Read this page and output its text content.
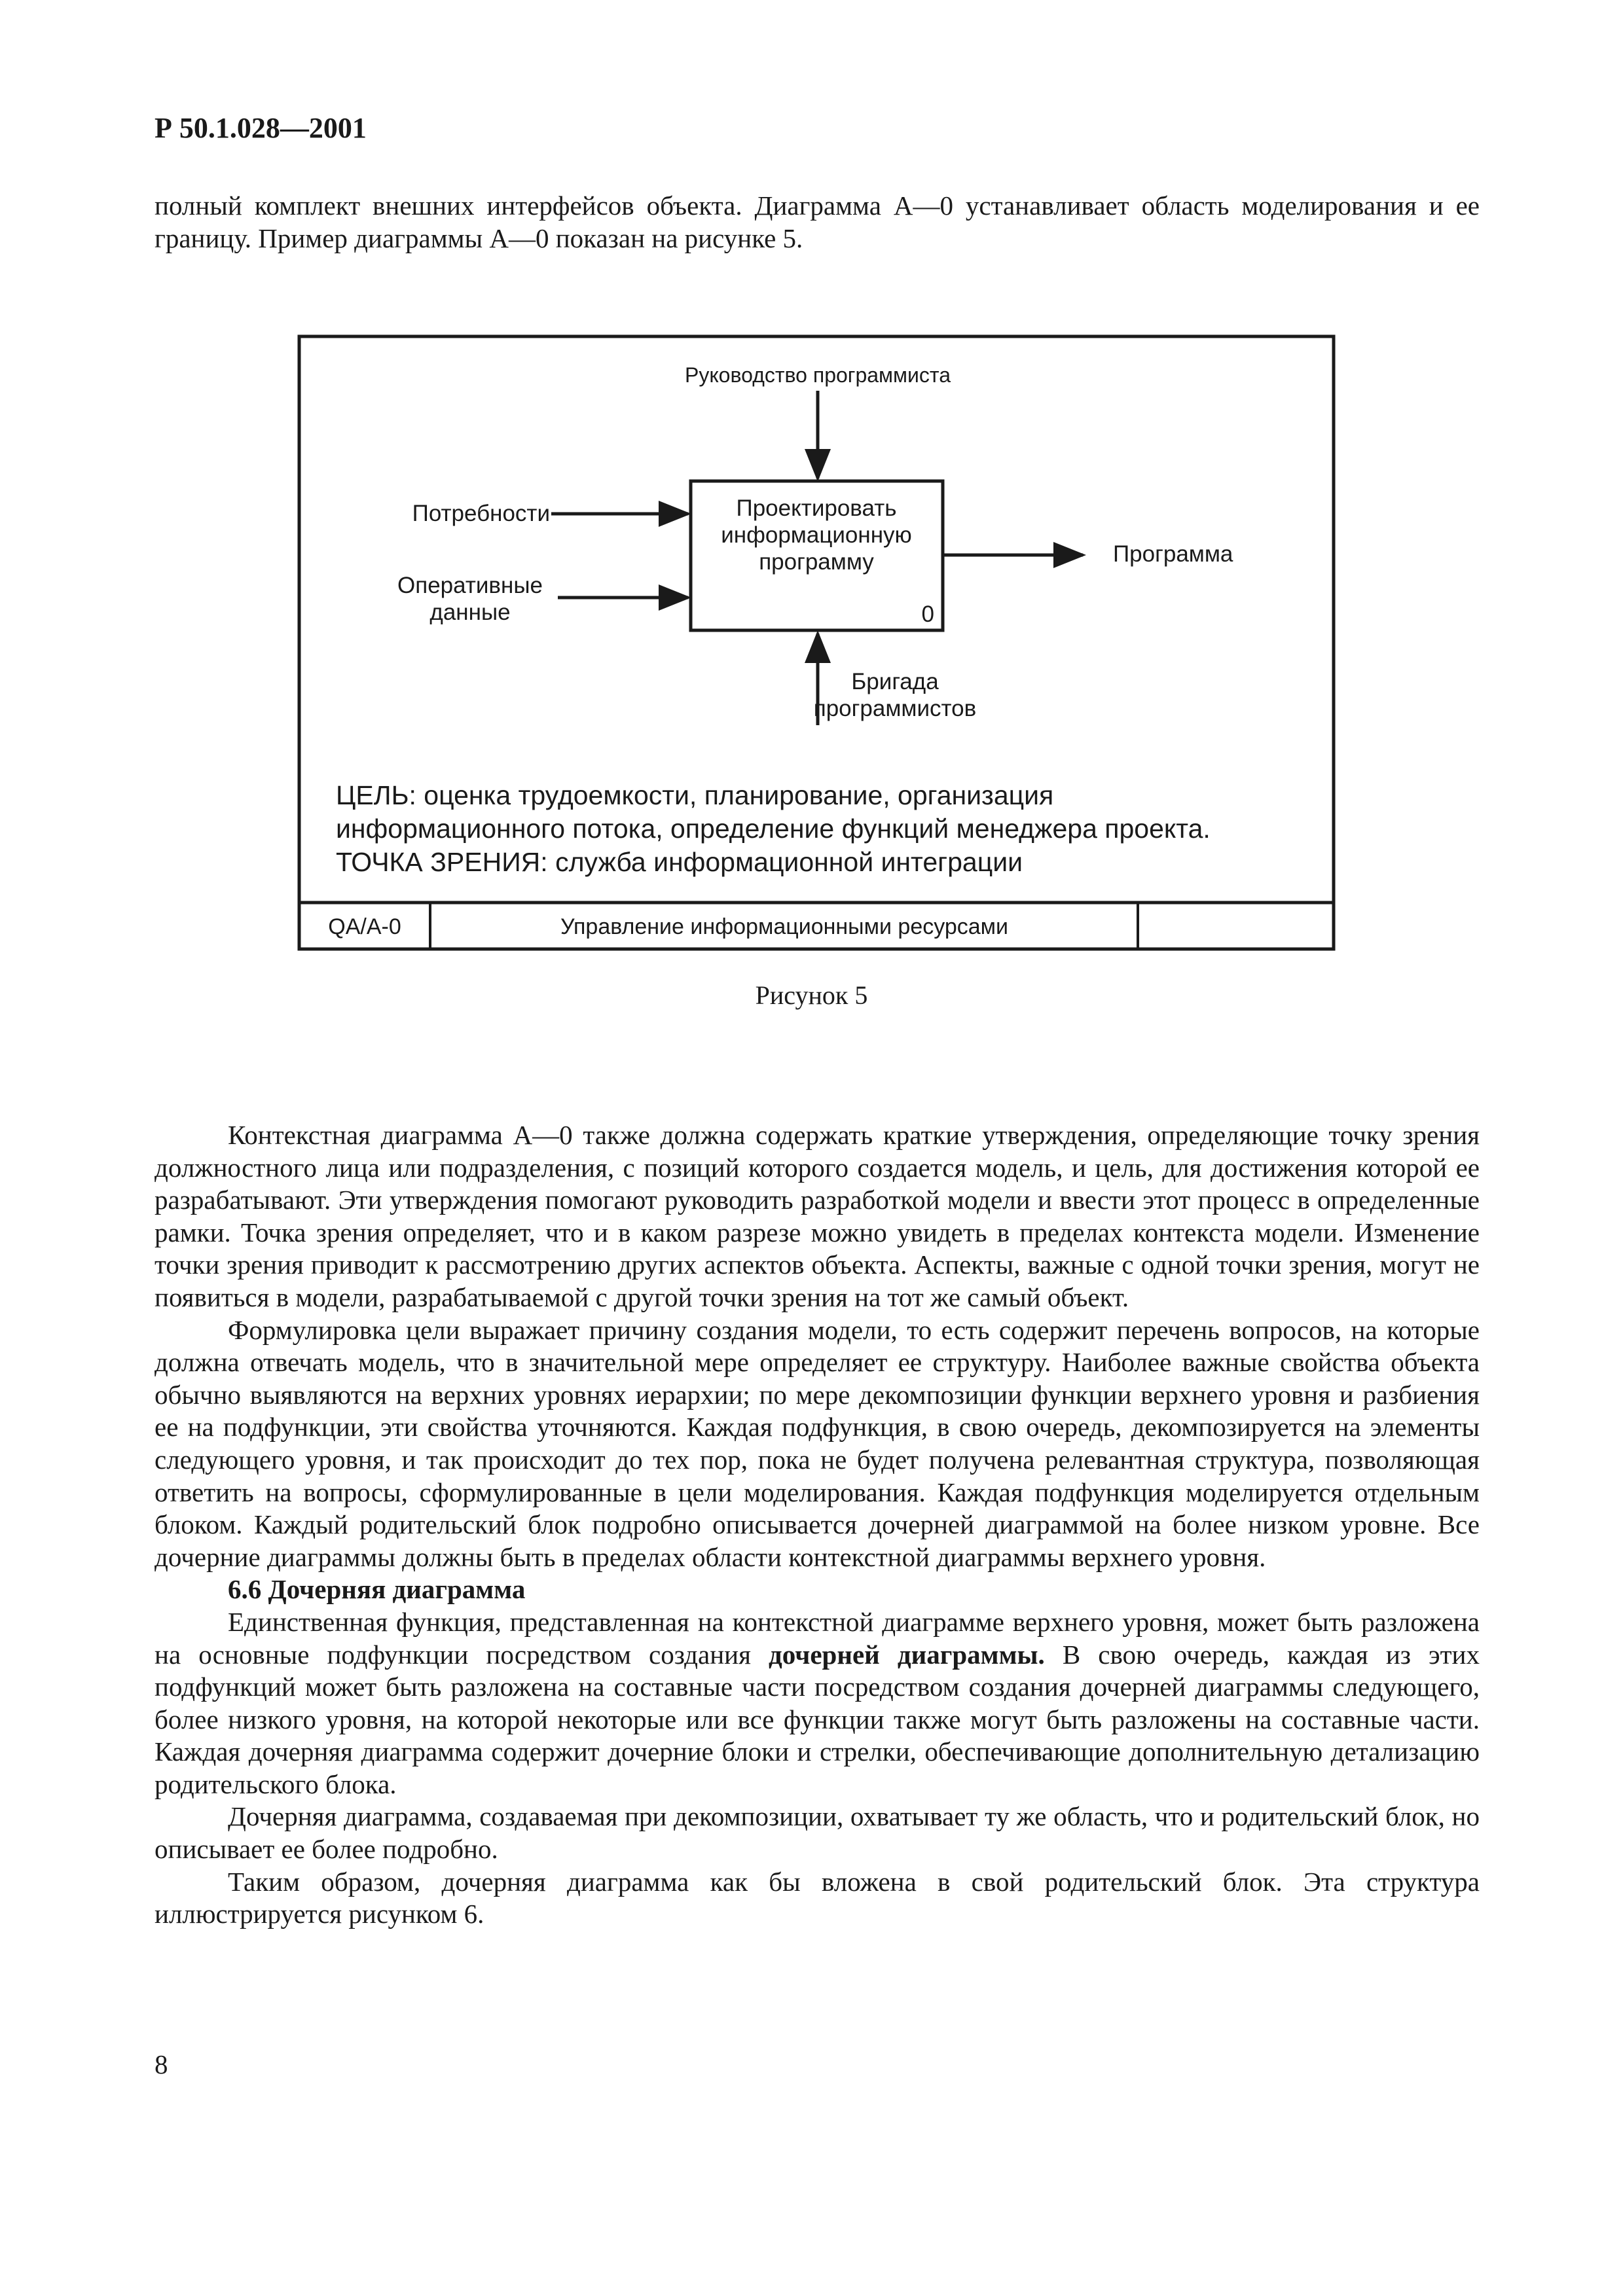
Р 50.1.028—2001

полный комплект внешних интерфейсов объекта. Диаграмма А—0 устанавливает область моделирования и ее границу. Пример диаграммы А—0 показан на рисунке 5.

Руководство программиста
Потребности
Оперативные
данные
Проектировать
информационную
программу
0
Программа
Бригада
программистов
ЦЕЛЬ: оценка трудоемкости, планирование, организация
информационного потока, определение функций менеджера проекта.
ТОЧКА ЗРЕНИЯ: служба информационной интеграции
QA/A-0	Управление информационными ресурсами
Рисунок 5

Контекстная диаграмма А—0 также должна содержать краткие утверждения, определяющие точку зрения должностного лица или подразделения, с позиций которого создается модель, и цель, для достижения которой ее разрабатывают. Эти утверждения помогают руководить разработкой модели и ввести этот процесс в определенные рамки. Точка зрения определяет, что и в каком разрезе можно увидеть в пределах контекста модели. Изменение точки зрения приводит к рассмотрению других аспектов объекта. Аспекты, важные с одной точки зрения, могут не появиться в модели, разрабатываемой с другой точки зрения на тот же самый объект.

Формулировка цели выражает причину создания модели, то есть содержит перечень вопросов, на которые должна отвечать модель, что в значительной мере определяет ее структуру. Наиболее важные свойства объекта обычно выявляются на верхних уровнях иерархии; по мере декомпозиции функции верхнего уровня и разбиения ее на подфункции, эти свойства уточняются. Каждая подфункция, в свою очередь, декомпозируется на элементы следующего уровня, и так происходит до тех пор, пока не будет получена релевантная структура, позволяющая ответить на вопросы, сформулированные в цели моделирования. Каждая подфункция моделируется отдельным блоком. Каждый родительский блок подробно описывается дочерней диаграммой на более низком уровне. Все дочерние диаграммы должны быть в пределах области контекстной диаграммы верхнего уровня.

6.6 Дочерняя диаграмма

Единственная функция, представленная на контекстной диаграмме верхнего уровня, может быть разложена на основные подфункции посредством создания дочерней диаграммы. В свою очередь, каждая из этих подфункций может быть разложена на составные части посредством создания дочерней диаграммы следующего, более низкого уровня, на которой некоторые или все функции также могут быть разложены на составные части. Каждая дочерняя диаграмма содержит дочерние блоки и стрелки, обеспечивающие дополнительную детализацию родительского блока.

Дочерняя диаграмма, создаваемая при декомпозиции, охватывает ту же область, что и родительский блок, но описывает ее более подробно.

Таким образом, дочерняя диаграмма как бы вложена в свой родительский блок. Эта структура иллюстрируется рисунком 6.

8
